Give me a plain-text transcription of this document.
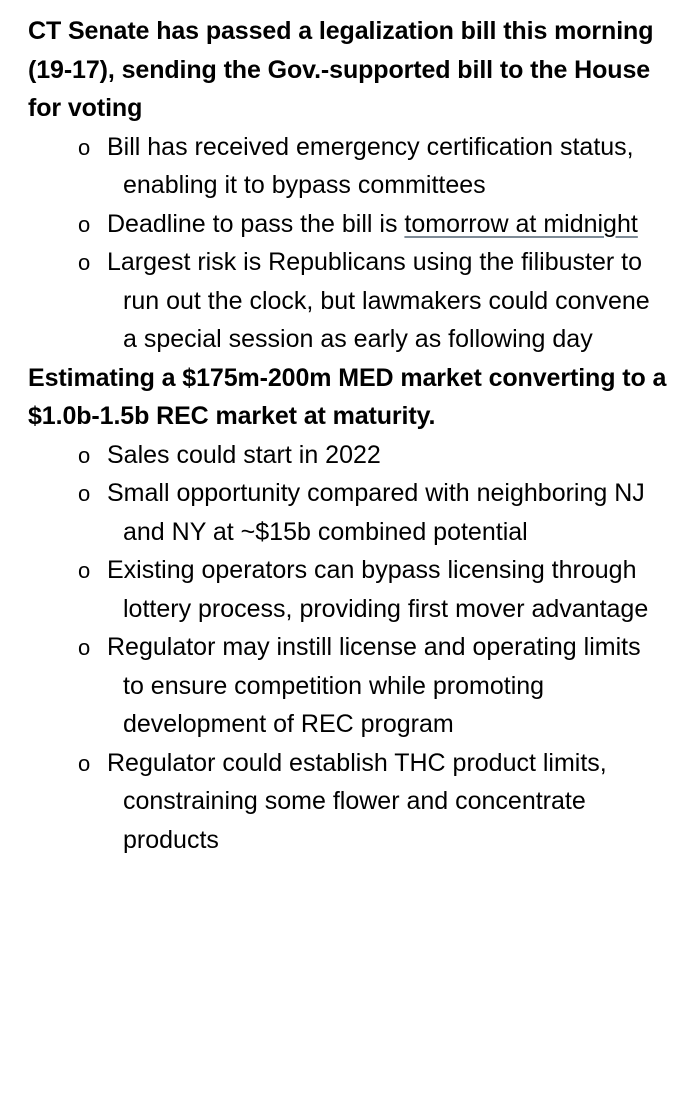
CT Senate has passed a legalization bill this morning (19-17), sending the Gov.-supported bill to the House for voting

o Bill has received emergency certification status, enabling it to bypass committees
o Deadline to pass the bill is tomorrow at midnight
o Largest risk is Republicans using the filibuster to run out the clock, but lawmakers could convene a special session as early as following day

Estimating a $175m-200m MED market converting to a $1.0b-1.5b REC market at maturity.

o Sales could start in 2022
o Small opportunity compared with neighboring NJ and NY at ~$15b combined potential
o Existing operators can bypass licensing through lottery process, providing first mover advantage
o Regulator may instill license and operating limits to ensure competition while promoting development of REC program
o Regulator could establish THC product limits, constraining some flower and concentrate products
